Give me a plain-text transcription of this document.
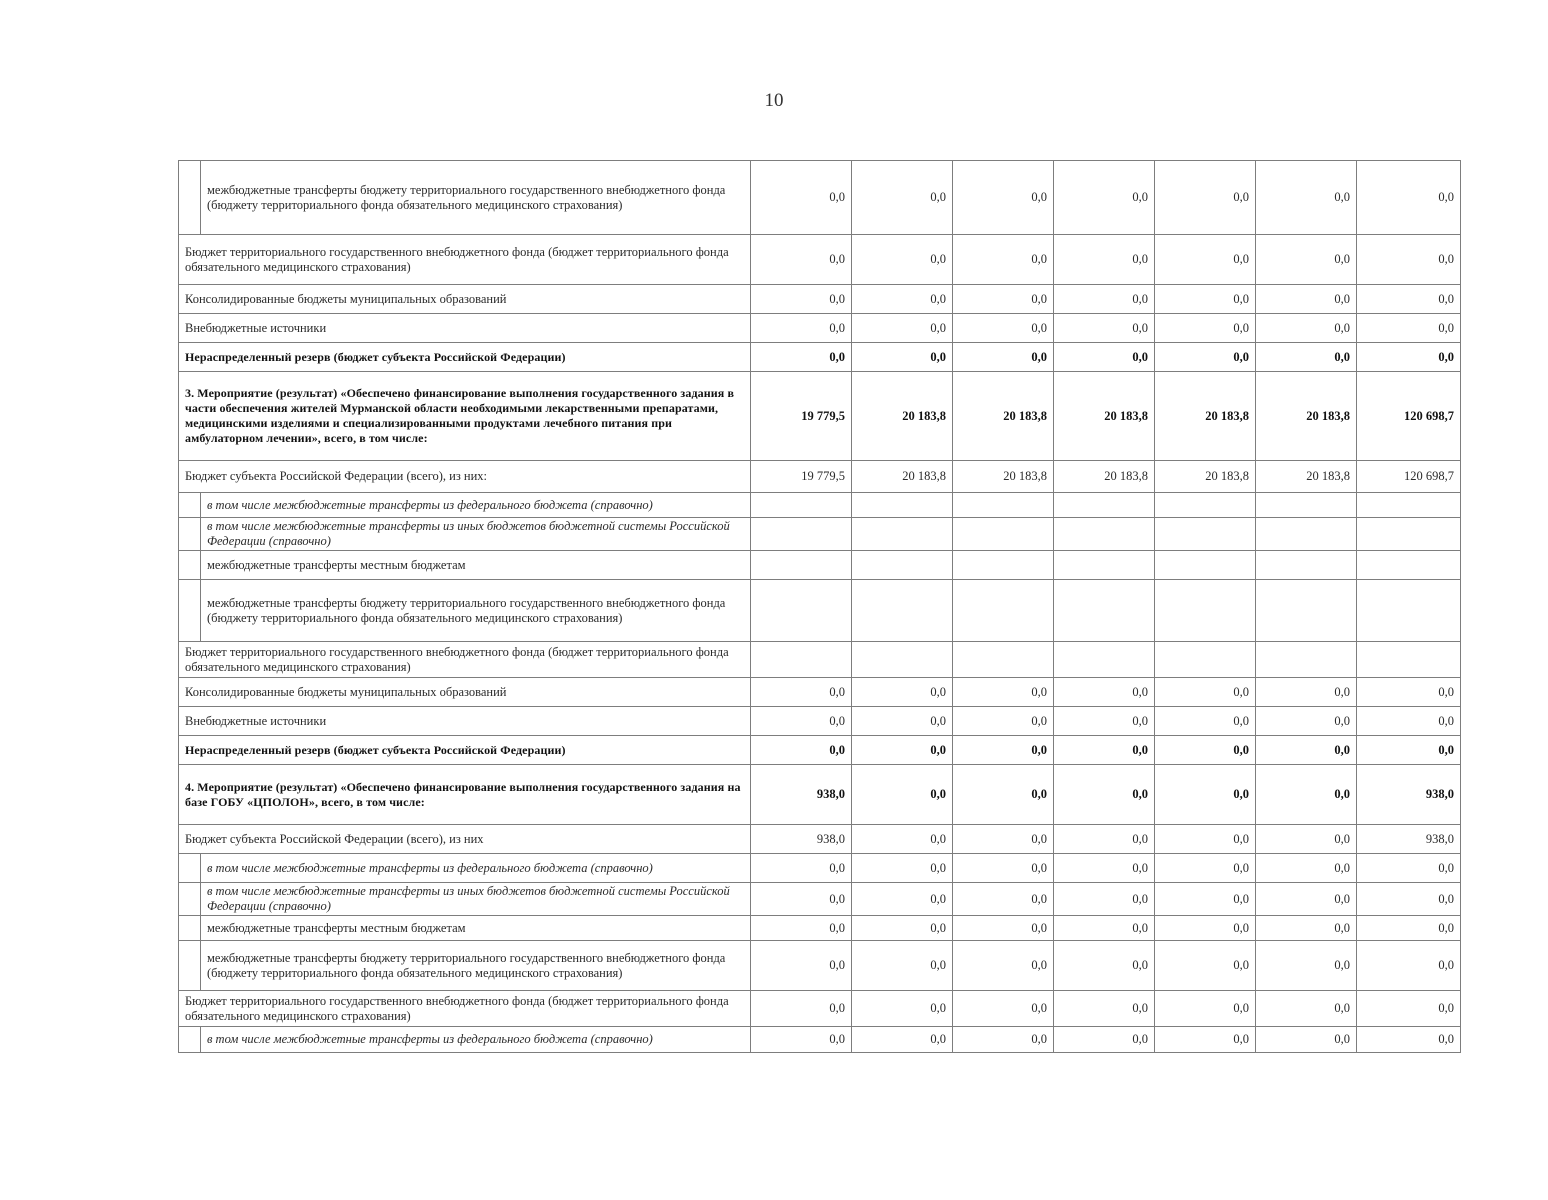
10
	межбюджетные трансферты бюджету территориального государственного внебюджетного фонда (бюджету территориального фонда обязательного медицинского страхования)	0,0	0,0	0,0	0,0	0,0	0,0	0,0
Бюджет территориального государственного внебюджетного фонда (бюджет территориального фонда обязательного медицинского страхования)		0,0	0,0	0,0	0,0	0,0	0,0	0,0
Консолидированные бюджеты муниципальных образований		0,0	0,0	0,0	0,0	0,0	0,0	0,0
Внебюджетные источники		0,0	0,0	0,0	0,0	0,0	0,0	0,0
Нераспределенный резерв (бюджет субъекта Российской Федерации)		0,0	0,0	0,0	0,0	0,0	0,0	0,0
3. Мероприятие (результат) «Обеспечено финансирование выполнения государственного задания в части обеспечения жителей Мурманской области необходимыми лекарственными препаратами, медицинскими изделиями и специализированными продуктами лечебного питания при амбулаторном лечении», всего, в том числе:		19 779,5	20 183,8	20 183,8	20 183,8	20 183,8	20 183,8	120 698,7
Бюджет субъекта Российской Федерации (всего), из них:		19 779,5	20 183,8	20 183,8	20 183,8	20 183,8	20 183,8	120 698,7
	в том числе межбюджетные трансферты из федерального бюджета (справочно)							
	в том числе межбюджетные трансферты из иных бюджетов бюджетной системы Российской Федерации (справочно)							
	межбюджетные трансферты местным бюджетам							
	межбюджетные трансферты бюджету территориального государственного внебюджетного фонда (бюджету территориального фонда обязательного медицинского страхования)							
Бюджет территориального государственного внебюджетного фонда (бюджет территориального фонда обязательного медицинского страхования)								
Консолидированные бюджеты муниципальных образований		0,0	0,0	0,0	0,0	0,0	0,0	0,0
Внебюджетные источники		0,0	0,0	0,0	0,0	0,0	0,0	0,0
Нераспределенный резерв (бюджет субъекта Российской Федерации)		0,0	0,0	0,0	0,0	0,0	0,0	0,0
4. Мероприятие (результат) «Обеспечено финансирование выполнения государственного задания на базе ГОБУ «ЦПОЛОН», всего, в том числе:		938,0	0,0	0,0	0,0	0,0	0,0	938,0
Бюджет субъекта Российской Федерации (всего), из них		938,0	0,0	0,0	0,0	0,0	0,0	938,0
	в том числе межбюджетные трансферты из федерального бюджета (справочно)	0,0	0,0	0,0	0,0	0,0	0,0	0,0
	в том числе межбюджетные трансферты из иных бюджетов бюджетной системы Российской Федерации (справочно)	0,0	0,0	0,0	0,0	0,0	0,0	0,0
	межбюджетные трансферты местным бюджетам	0,0	0,0	0,0	0,0	0,0	0,0	0,0
	межбюджетные трансферты бюджету территориального государственного внебюджетного фонда (бюджету территориального фонда обязательного медицинского страхования)	0,0	0,0	0,0	0,0	0,0	0,0	0,0
Бюджет территориального государственного внебюджетного фонда (бюджет территориального фонда обязательного медицинского страхования)		0,0	0,0	0,0	0,0	0,0	0,0	0,0
	в том числе межбюджетные трансферты из федерального бюджета (справочно)	0,0	0,0	0,0	0,0	0,0	0,0	0,0
